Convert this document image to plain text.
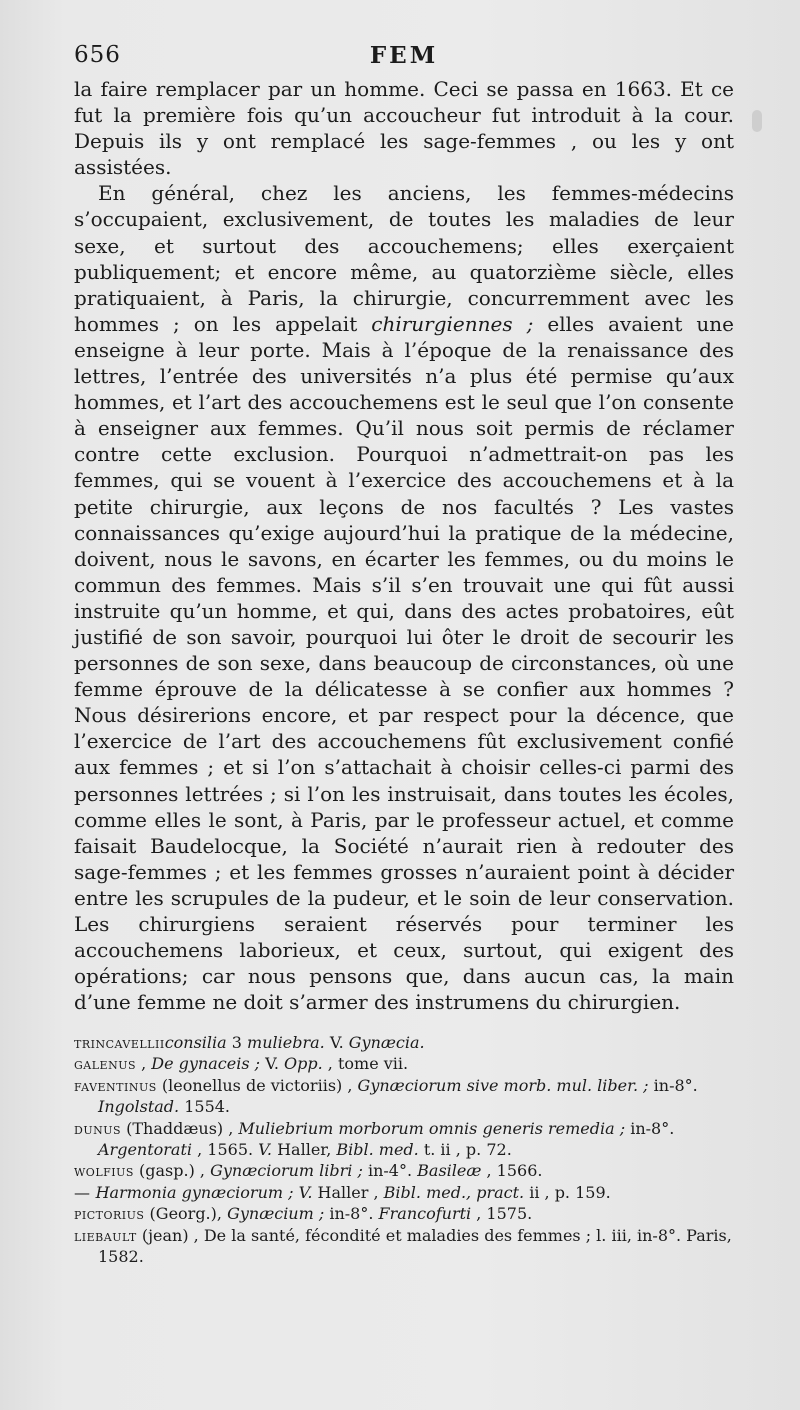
656	FEM

la faire remplacer par un homme. Ceci se passa en 1663. Et ce fut la première fois qu’un accoucheur fut introduit à la cour. Depuis ils y ont remplacé les sage-femmes , ou les y ont assistées.

En général, chez les anciens, les femmes-médecins s’occupaient, exclusivement, de toutes les maladies de leur sexe, et surtout des accouchemens; elles exerçaient publiquement; et encore même, au quatorzième siècle, elles pratiquaient, à Paris, la chirurgie, concurremment avec les hommes ; on les appelait chirurgiennes ; elles avaient une enseigne à leur porte. Mais à l’époque de la renaissance des lettres, l’entrée des universités n’a plus été permise qu’aux hommes, et l’art des accouchemens est le seul que l’on consente à enseigner aux femmes. Qu’il nous soit permis de réclamer contre cette exclusion. Pourquoi n’admettrait-on pas les femmes, qui se vouent à l’exercice des accouchemens et à la petite chirurgie, aux leçons de nos facultés ? Les vastes connaissances qu’exige aujourd’hui la pratique de la médecine, doivent, nous le savons, en écarter les femmes, ou du moins le commun des femmes. Mais s’il s’en trouvait une qui fût aussi instruite qu’un homme, et qui, dans des actes probatoires, eût justifié de son savoir, pourquoi lui ôter le droit de secourir les personnes de son sexe, dans beaucoup de circonstances, où une femme éprouve de la délicatesse à se confier aux hommes ? Nous désirerions encore, et par respect pour la décence, que l’exercice de l’art des accouchemens fût exclusivement confié aux femmes ; et si l’on s’attachait à choisir celles-ci parmi des personnes lettrées ; si l’on les instruisait, dans toutes les écoles, comme elles le sont, à Paris, par le professeur actuel, et comme faisait Baudelocque, la Société n’aurait rien à redouter des sage-femmes ; et les femmes grosses n’auraient point à décider entre les scrupules de la pudeur, et le soin de leur conservation. Les chirurgiens seraient réservés pour terminer les accouchemens laborieux, et ceux, surtout, qui exigent des opérations; car nous pensons que, dans aucun cas, la main d’une femme ne doit s’armer des instrumens du chirurgien.

trincavelliiconsilia 3 muliebra. V. Gynæcia.

galenus , De gynaceis ; V. Opp. , tome vii.

faventinus (leonellus de victoriis) , Gynæciorum sive morb. mul. liber. ; in-8°. Ingolstad. 1554.

dunus (Thaddæus) , Muliebrium morborum omnis generis remedia ; in-8°. Argentorati , 1565. V. Haller, Bibl. med. t. ii , p. 72.

wolfius (gasp.) , Gynæciorum libri ; in-4°. Basileæ , 1566.

— Harmonia gynæciorum ; V. Haller , Bibl. med., pract. ii , p. 159.

pictorius (Georg.), Gynæcium ; in-8°. Francofurti , 1575.

liebault (jean) , De la santé, fécondité et maladies des femmes ; l. iii, in-8°. Paris, 1582.
